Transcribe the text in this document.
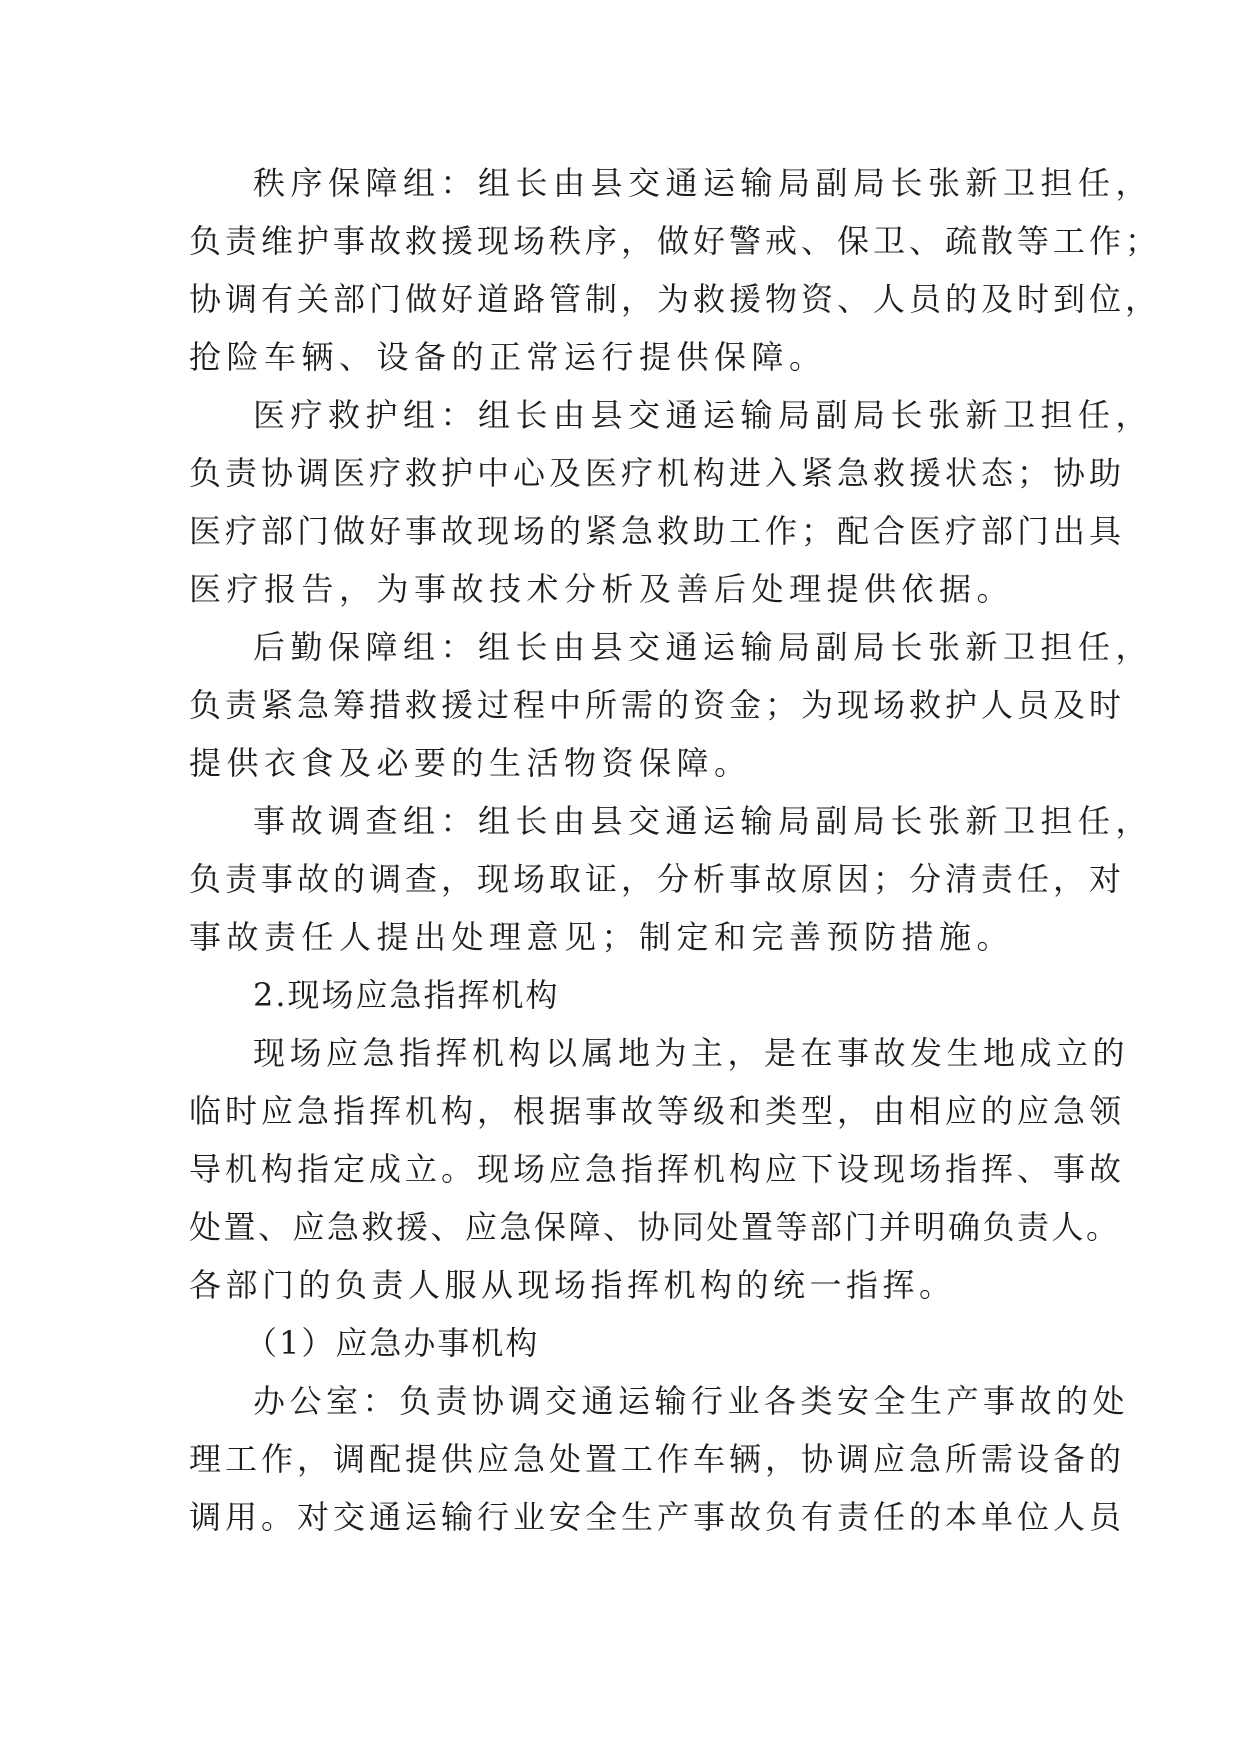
秩序保障组：组长由县交通运输局副局长张新卫担任，
负责维护事故救援现场秩序，做好警戒、保卫、疏散等工作；
协调有关部门做好道路管制，为救援物资、人员的及时到位，
抢险车辆、设备的正常运行提供保障。
医疗救护组：组长由县交通运输局副局长张新卫担任，
负责协调医疗救护中心及医疗机构进入紧急救援状态；协助
医疗部门做好事故现场的紧急救助工作；配合医疗部门出具
医疗报告，为事故技术分析及善后处理提供依据。
后勤保障组：组长由县交通运输局副局长张新卫担任，
负责紧急筹措救援过程中所需的资金；为现场救护人员及时
提供衣食及必要的生活物资保障。
事故调查组：组长由县交通运输局副局长张新卫担任，
负责事故的调查，现场取证，分析事故原因；分清责任，对
事故责任人提出处理意见；制定和完善预防措施。
2.现场应急指挥机构
现场应急指挥机构以属地为主，是在事故发生地成立的
临时应急指挥机构，根据事故等级和类型，由相应的应急领
导机构指定成立。现场应急指挥机构应下设现场指挥、事故
处置、应急救援、应急保障、协同处置等部门并明确负责人。
各部门的负责人服从现场指挥机构的统一指挥。
（1）应急办事机构
办公室：负责协调交通运输行业各类安全生产事故的处
理工作，调配提供应急处置工作车辆，协调应急所需设备的
调用。对交通运输行业安全生产事故负有责任的本单位人员
